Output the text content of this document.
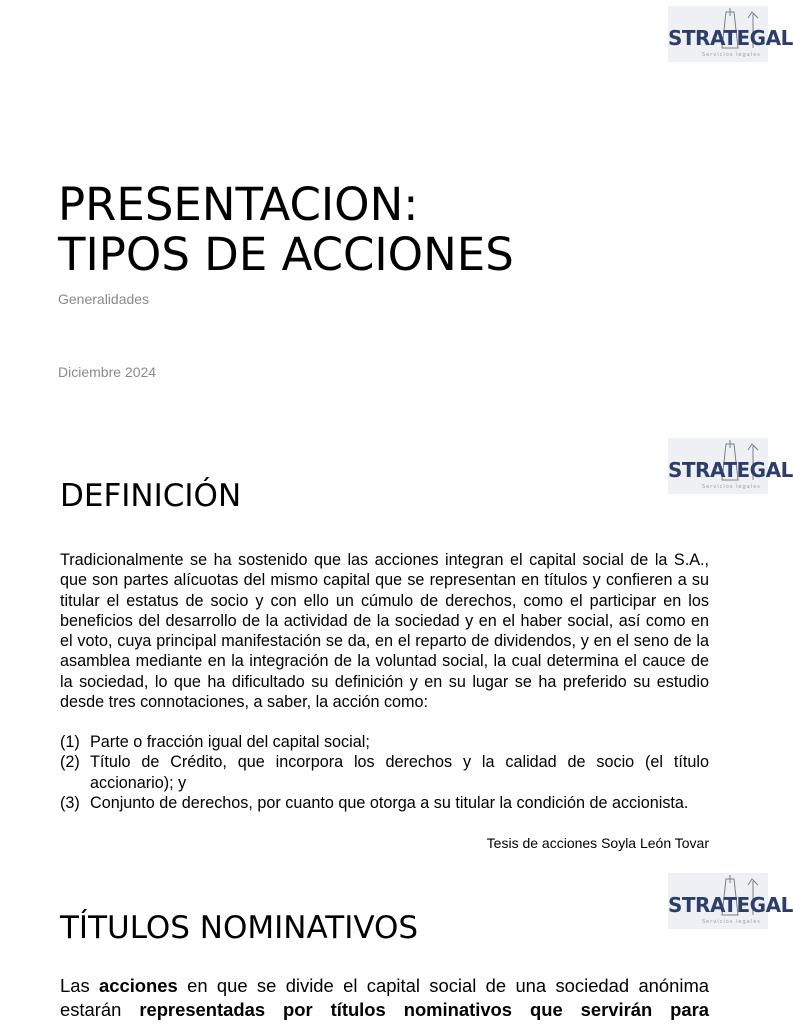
STRATEGAL
Servicios legales
PRESENTACION:
TIPOS DE ACCIONES
Generalidades
Diciembre 2024
STRATEGAL
Servicios legales
DEFINICIÓN

Tradicionalmente se ha sostenido que las acciones integran el capital social de la S.A., que son partes alícuotas del mismo capital que se representan en títulos y confieren a su titular el estatus de socio y con ello un cúmulo de derechos, como el participar en los beneficios del desarrollo de la actividad de la sociedad y en el haber social, así como en el voto, cuya principal manifestación se da, en el reparto de dividendos, y en el seno de la asamblea mediante en la integración de la voluntad social, la cual determina el cauce de la sociedad, lo que ha dificultado su definición y en su lugar se ha preferido su estudio desde tres connotaciones, a saber, la acción como:

(1) Parte o fracción igual del capital social;
(2) Título de Crédito, que incorpora los derechos y la calidad de socio (el título accionario); y
(3) Conjunto de derechos, por cuanto que otorga a su titular la condición de accionista.
Tesis de acciones Soyla León Tovar
STRATEGAL
Servicios legales
TÍTULOS NOMINATIVOS

Las acciones en que se divide el capital social de una sociedad anónima estarán representadas por títulos nominativos que servirán para
